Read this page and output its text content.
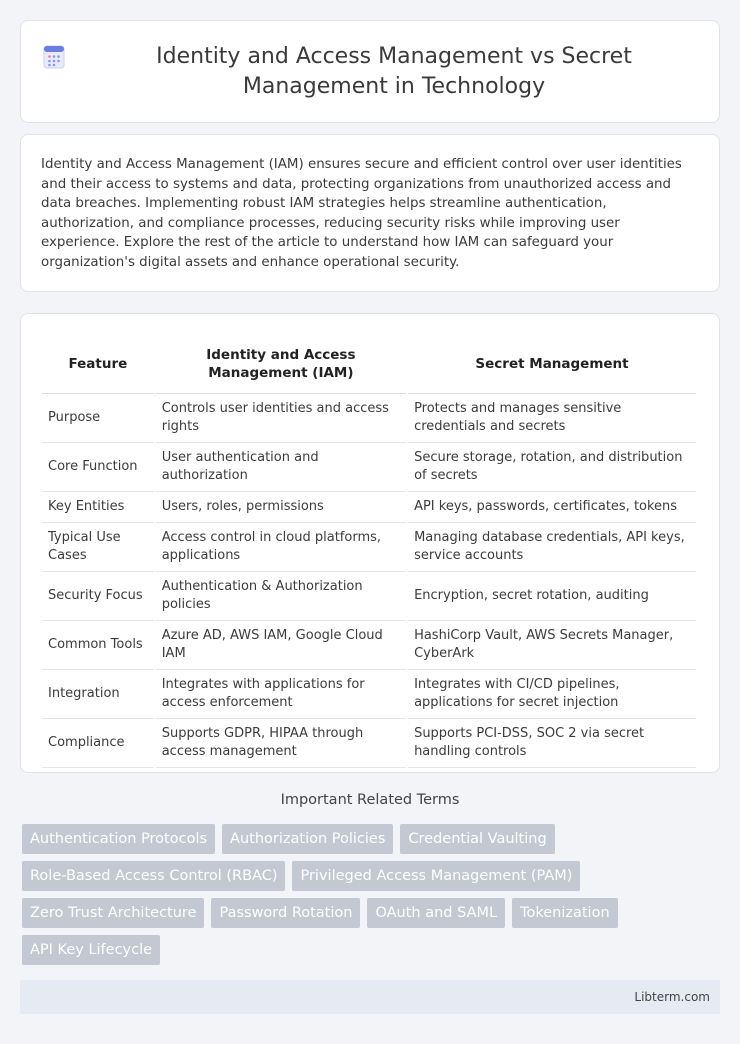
Identity and Access Management vs Secret Management in Technology

Identity and Access Management (IAM) ensures secure and efficient control over user identities and their access to systems and data, protecting organizations from unauthorized access and data breaches. Implementing robust IAM strategies helps streamline authentication, authorization, and compliance processes, reducing security risks while improving user experience. Explore the rest of the article to understand how IAM can safeguard your organization's digital assets and enhance operational security.

Feature	Identity and Access Management (IAM)	Secret Management
Purpose	Controls user identities and access rights	Protects and manages sensitive credentials and secrets
Core Function	User authentication and authorization	Secure storage, rotation, and distribution of secrets
Key Entities	Users, roles, permissions	API keys, passwords, certificates, tokens
Typical Use Cases	Access control in cloud platforms, applications	Managing database credentials, API keys, service accounts
Security Focus	Authentication & Authorization policies	Encryption, secret rotation, auditing
Common Tools	Azure AD, AWS IAM, Google Cloud IAM	HashiCorp Vault, AWS Secrets Manager, CyberArk
Integration	Integrates with applications for access enforcement	Integrates with CI/CD pipelines, applications for secret injection
Compliance	Supports GDPR, HIPAA through access management	Supports PCI-DSS, SOC 2 via secret handling controls
Important Related Terms
Authentication Protocols	Authorization Policies	Credential Vaulting
Role-Based Access Control (RBAC)	Privileged Access Management (PAM)
Zero Trust Architecture	Password Rotation	OAuth and SAML	Tokenization
API Key Lifecycle
Libterm.com
